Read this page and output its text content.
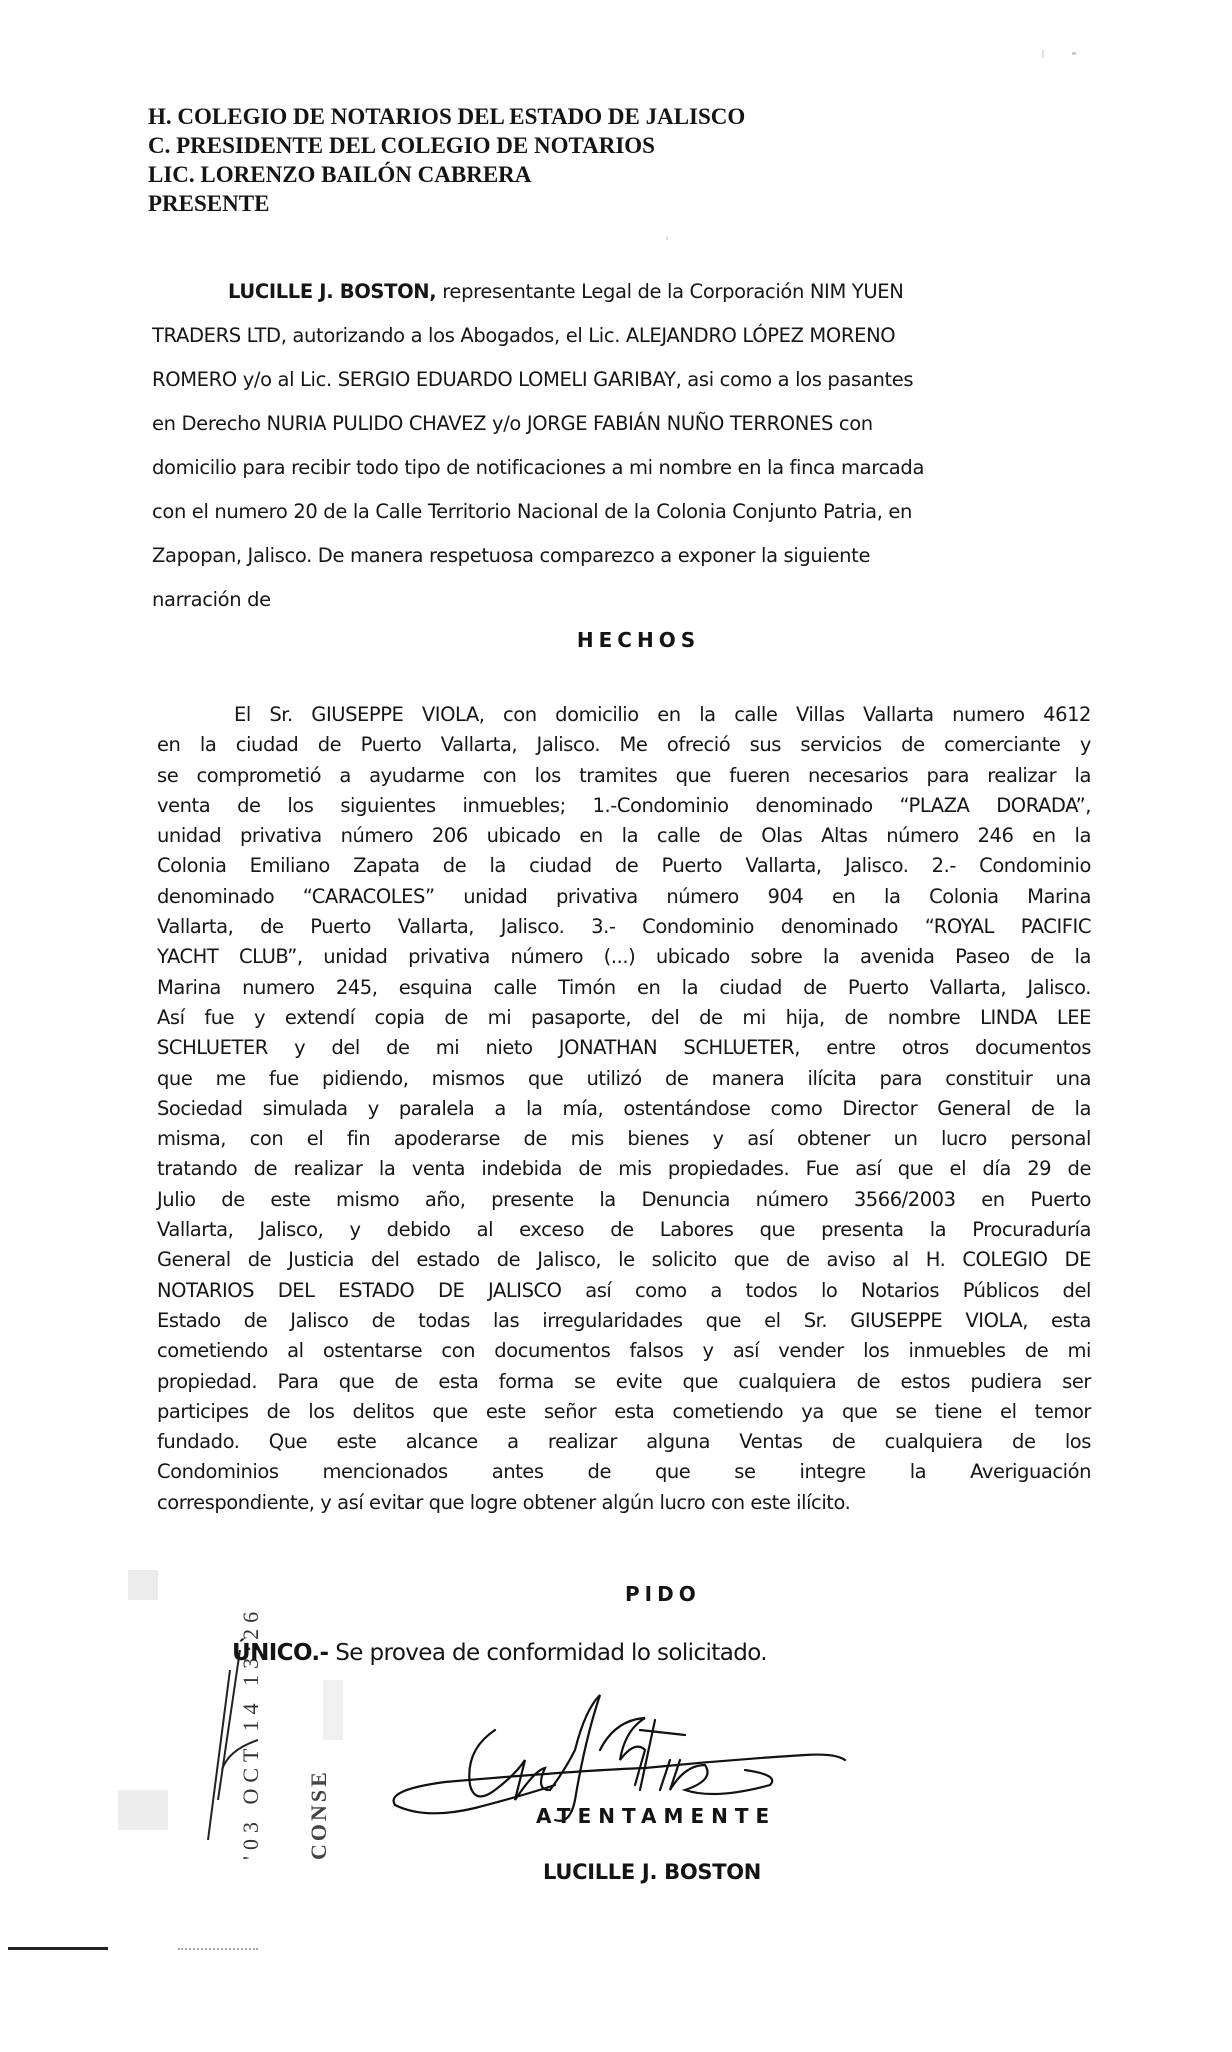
H. COLEGIO DE NOTARIOS DEL ESTADO DE JALISCO
C. PRESIDENTE DEL COLEGIO DE NOTARIOS
LIC. LORENZO BAILÓN CABRERA
PRESENTE
LUCILLE J. BOSTON, representante Legal de la Corporación NIM YUEN
TRADERS LTD, autorizando a los Abogados, el Lic. ALEJANDRO LÓPEZ MORENO
ROMERO y/o al Lic. SERGIO EDUARDO LOMELI GARIBAY, asi como a los pasantes
en Derecho NURIA PULIDO CHAVEZ y/o JORGE FABIÁN NUÑO TERRONES con
domicilio para recibir todo tipo de notificaciones a mi nombre en la finca marcada
con el numero 20 de la Calle Territorio Nacional de la Colonia Conjunto Patria, en
Zapopan, Jalisco. De manera respetuosa comparezco a exponer la siguiente
narración de
HECHOS
El Sr. GIUSEPPE VIOLA, con domicilio en la calle Villas Vallarta numero 4612
en la ciudad de Puerto Vallarta, Jalisco. Me ofreció sus servicios de comerciante y
se comprometió a ayudarme con los tramites que fueren necesarios para realizar la
venta de los siguientes inmuebles; 1.-Condominio denominado “PLAZA DORADA”,
unidad privativa número 206 ubicado en la calle de Olas Altas número 246 en la
Colonia Emiliano Zapata de la ciudad de Puerto Vallarta, Jalisco. 2.- Condominio
denominado “CARACOLES” unidad privativa número 904 en la Colonia Marina
Vallarta, de Puerto Vallarta, Jalisco. 3.- Condominio denominado “ROYAL PACIFIC
YACHT CLUB”, unidad privativa número (...) ubicado sobre la avenida Paseo de la
Marina numero 245, esquina calle Timón en la ciudad de Puerto Vallarta, Jalisco.
Así fue y extendí copia de mi pasaporte, del de mi hija, de nombre LINDA LEE
SCHLUETER y del de mi nieto JONATHAN SCHLUETER, entre otros documentos
que me fue pidiendo, mismos que utilizó de manera ilícita para constituir una
Sociedad simulada y paralela a la mía, ostentándose como Director General de la
misma, con el fin apoderarse de mis bienes y así obtener un lucro personal
tratando de realizar la venta indebida de mis propiedades. Fue así que el día 29 de
Julio de este mismo año, presente la Denuncia número 3566/2003 en Puerto
Vallarta, Jalisco, y debido al exceso de Labores que presenta la Procuraduría
General de Justicia del estado de Jalisco, le solicito que de aviso al H. COLEGIO DE
NOTARIOS DEL ESTADO DE JALISCO así como a todos lo Notarios Públicos del
Estado de Jalisco de todas las irregularidades que el Sr. GIUSEPPE VIOLA, esta
cometiendo al ostentarse con documentos falsos y así vender los inmuebles de mi
propiedad. Para que de esta forma se evite que cualquiera de estos pudiera ser
participes de los delitos que este señor esta cometiendo ya que se tiene el temor
fundado. Que este alcance a realizar alguna Ventas de cualquiera de los
Condominios mencionados antes de que se integre la Averiguación
correspondiente, y así evitar que logre obtener algún lucro con este ilícito.
'03 OCT 14 13:26 CONSE
PIDO
ÚNICO.- Se provea de conformidad lo solicitado.
ATENTAMENTE
LUCILLE J. BOSTON
